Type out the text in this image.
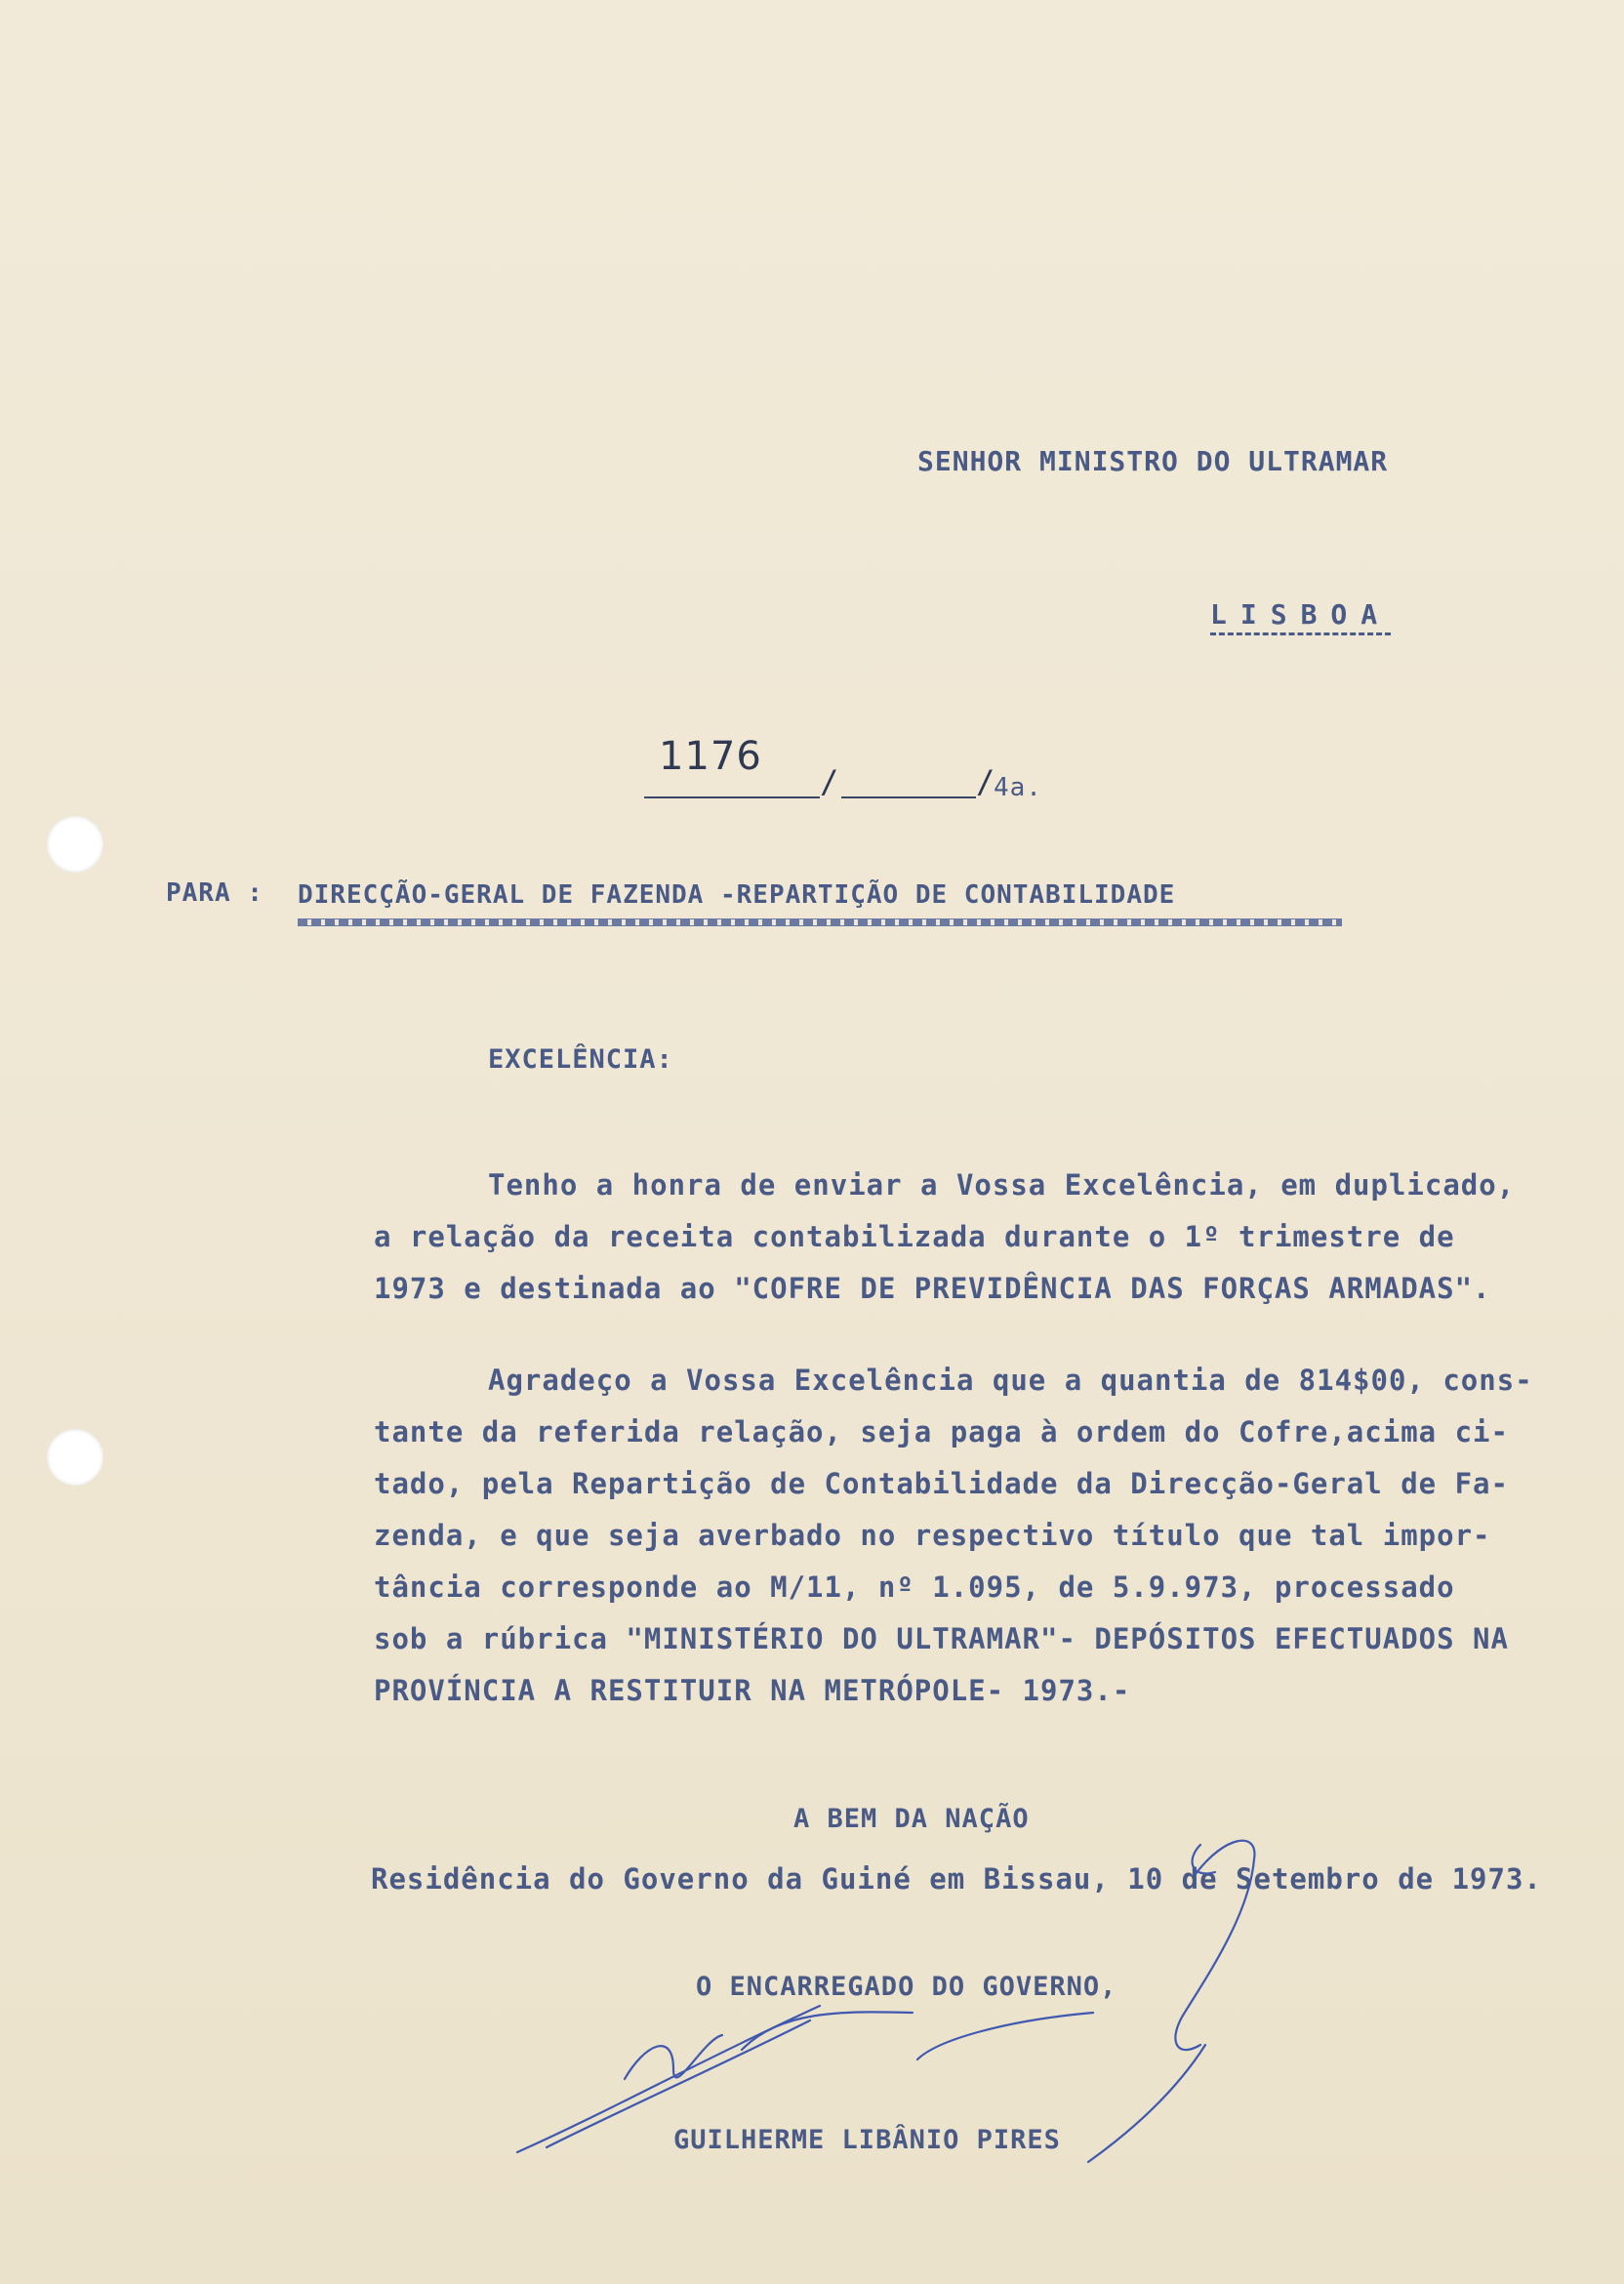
SENHOR MINISTRO DO ULTRAMAR
LISBOA
1176
/	/
4a.
PARA : DIRECÇÃO-GERAL DE FAZENDA -REPARTIÇÃO DE CONTABILIDADE
EXCELÊNCIA:
Tenho a honra de enviar a Vossa Excelência, em duplicado,
a relação da receita contabilizada durante o 1º trimestre de
1973 e destinada ao "COFRE DE PREVIDÊNCIA DAS FORÇAS ARMADAS".
Agradeço a Vossa Excelência que a quantia de 814$00, cons-
tante da referida relação, seja paga à ordem do Cofre,acima ci-
tado, pela Repartição de Contabilidade da Direcção-Geral de Fa-
zenda, e que seja averbado no respectivo título que tal impor-
tância corresponde ao M/11, nº 1.095, de 5.9.973, processado
sob a rúbrica "MINISTÉRIO DO ULTRAMAR"- DEPÓSITOS EFECTUADOS NA
PROVÍNCIA A RESTITUIR NA METRÓPOLE- 1973.-
A BEM DA NAÇÃO
Residência do Governo da Guiné em Bissau, 10 de Setembro de 1973.
O ENCARREGADO DO GOVERNO,
GUILHERME LIBÂNIO PIRES
